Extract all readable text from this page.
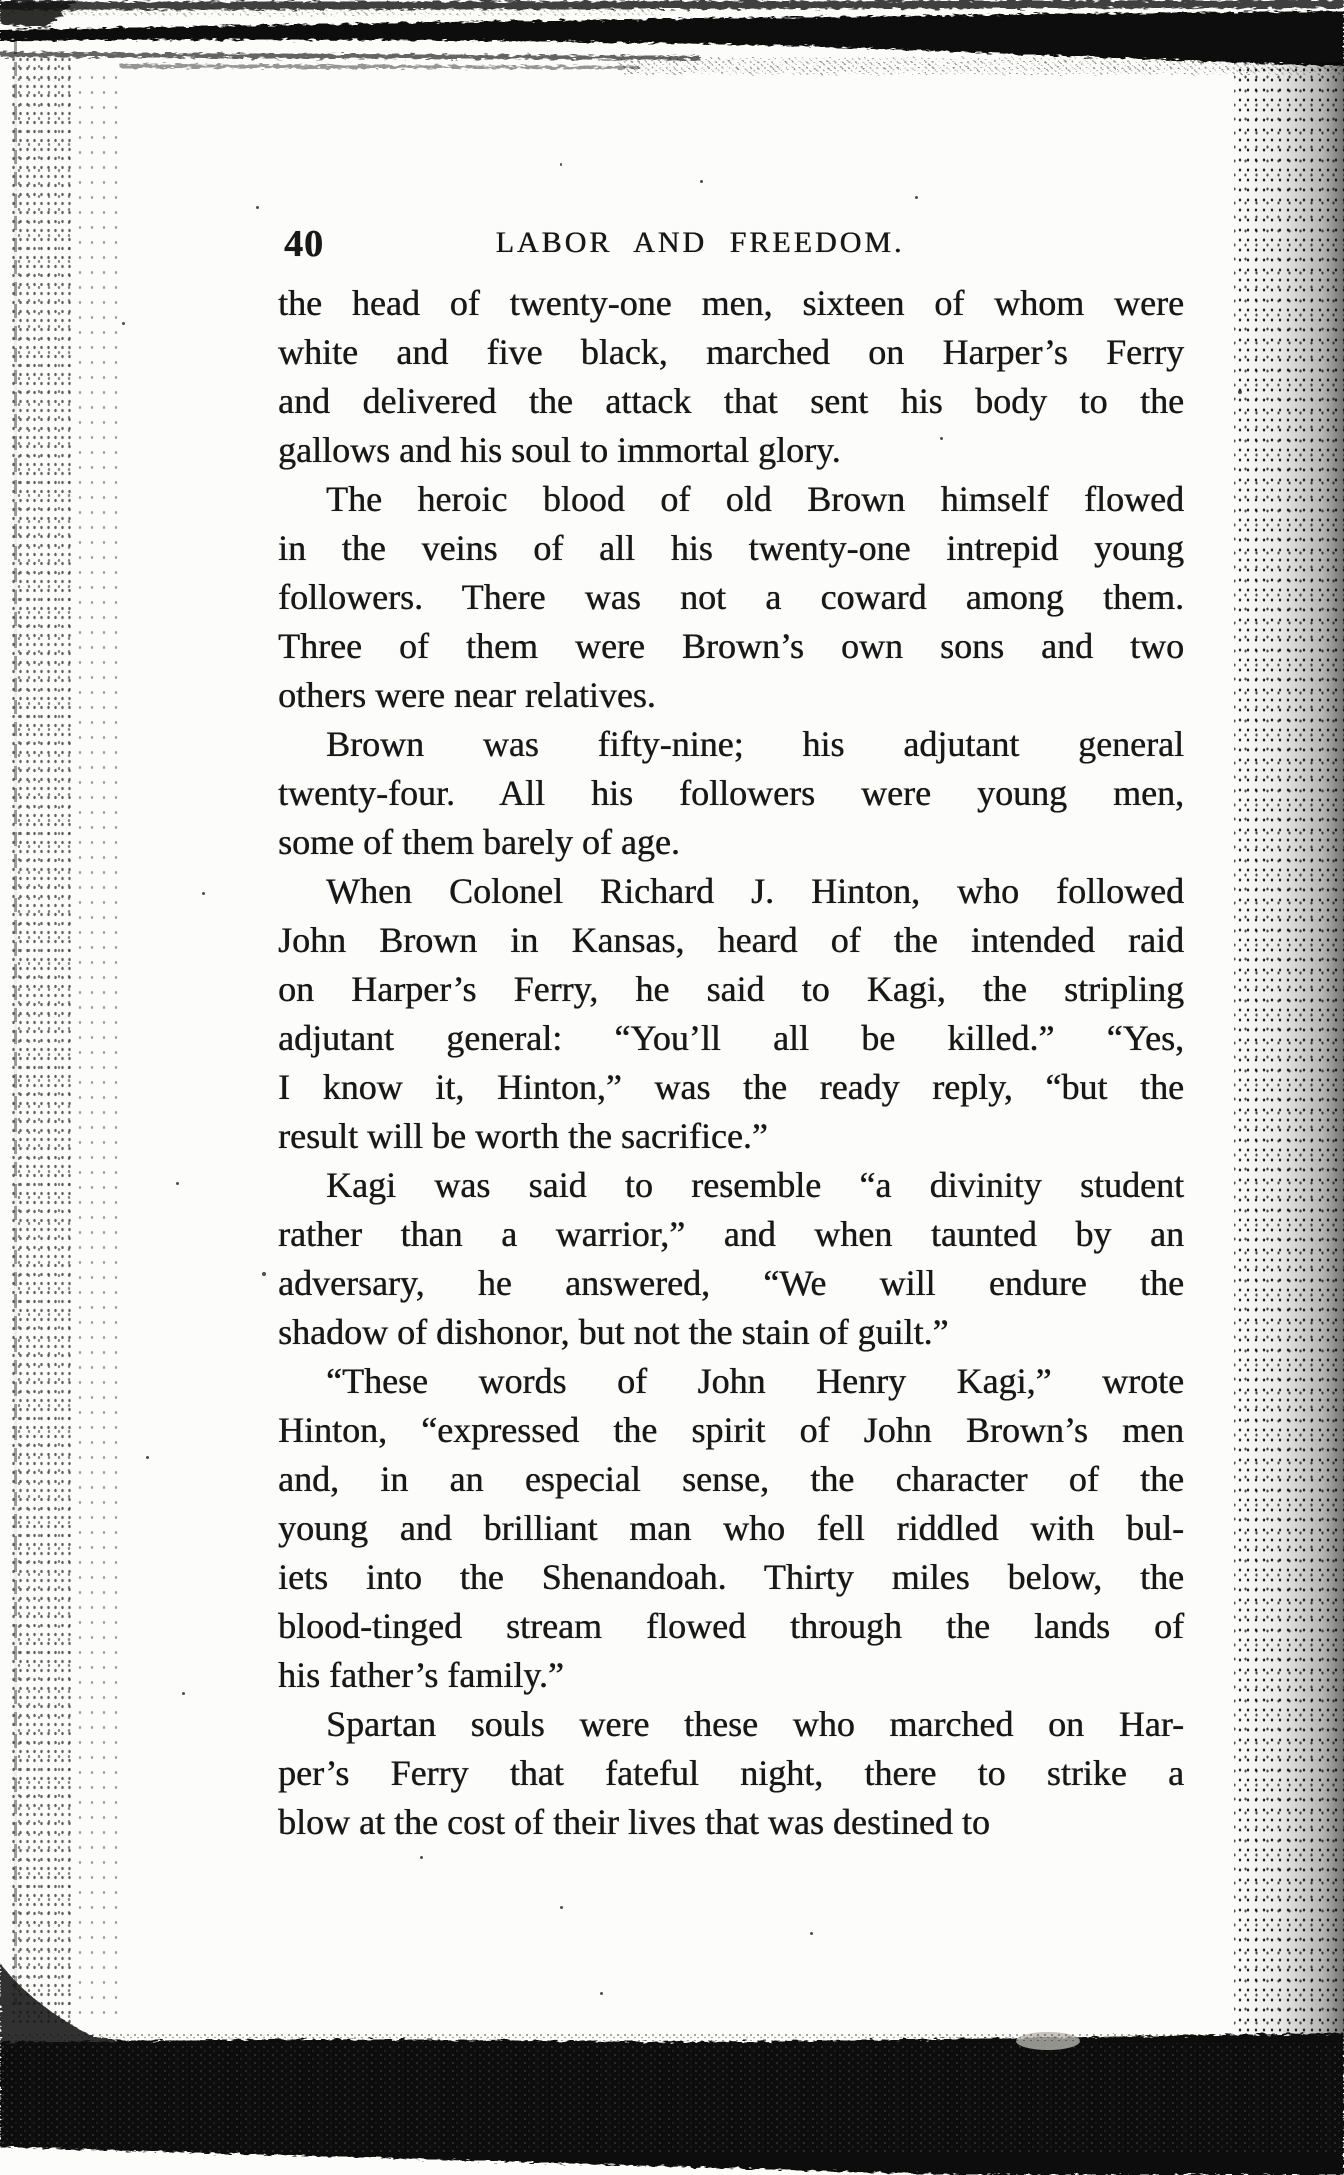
40	LABOR AND FREEDOM.
the head of twenty-one men, sixteen of whom were
white and five black, marched on Harper’s Ferry
and delivered the attack that sent his body to the
gallows and his soul to immortal glory.
The heroic blood of old Brown himself flowed
in the veins of all his twenty-one intrepid young
followers. There was not a coward among them.
Three of them were Brown’s own sons and two
others were near relatives.
Brown was fifty-nine; his adjutant general
twenty-four. All his followers were young men,
some of them barely of age.
When Colonel Richard J. Hinton, who followed
John Brown in Kansas, heard of the intended raid
on Harper’s Ferry, he said to Kagi, the stripling
adjutant general: “You’ll all be killed.” “Yes,
I know it, Hinton,” was the ready reply, “but the
result will be worth the sacrifice.”
Kagi was said to resemble “a divinity student
rather than a warrior,” and when taunted by an
adversary, he answered, “We will endure the
shadow of dishonor, but not the stain of guilt.”
“These words of John Henry Kagi,” wrote
Hinton, “expressed the spirit of John Brown’s men
and, in an especial sense, the character of the
young and brilliant man who fell riddled with bul-
iets into the Shenandoah. Thirty miles below, the
blood-tinged stream flowed through the lands of
his father’s family.”
Spartan souls were these who marched on Har-
per’s Ferry that fateful night, there to strike a
blow at the cost of their lives that was destined to
